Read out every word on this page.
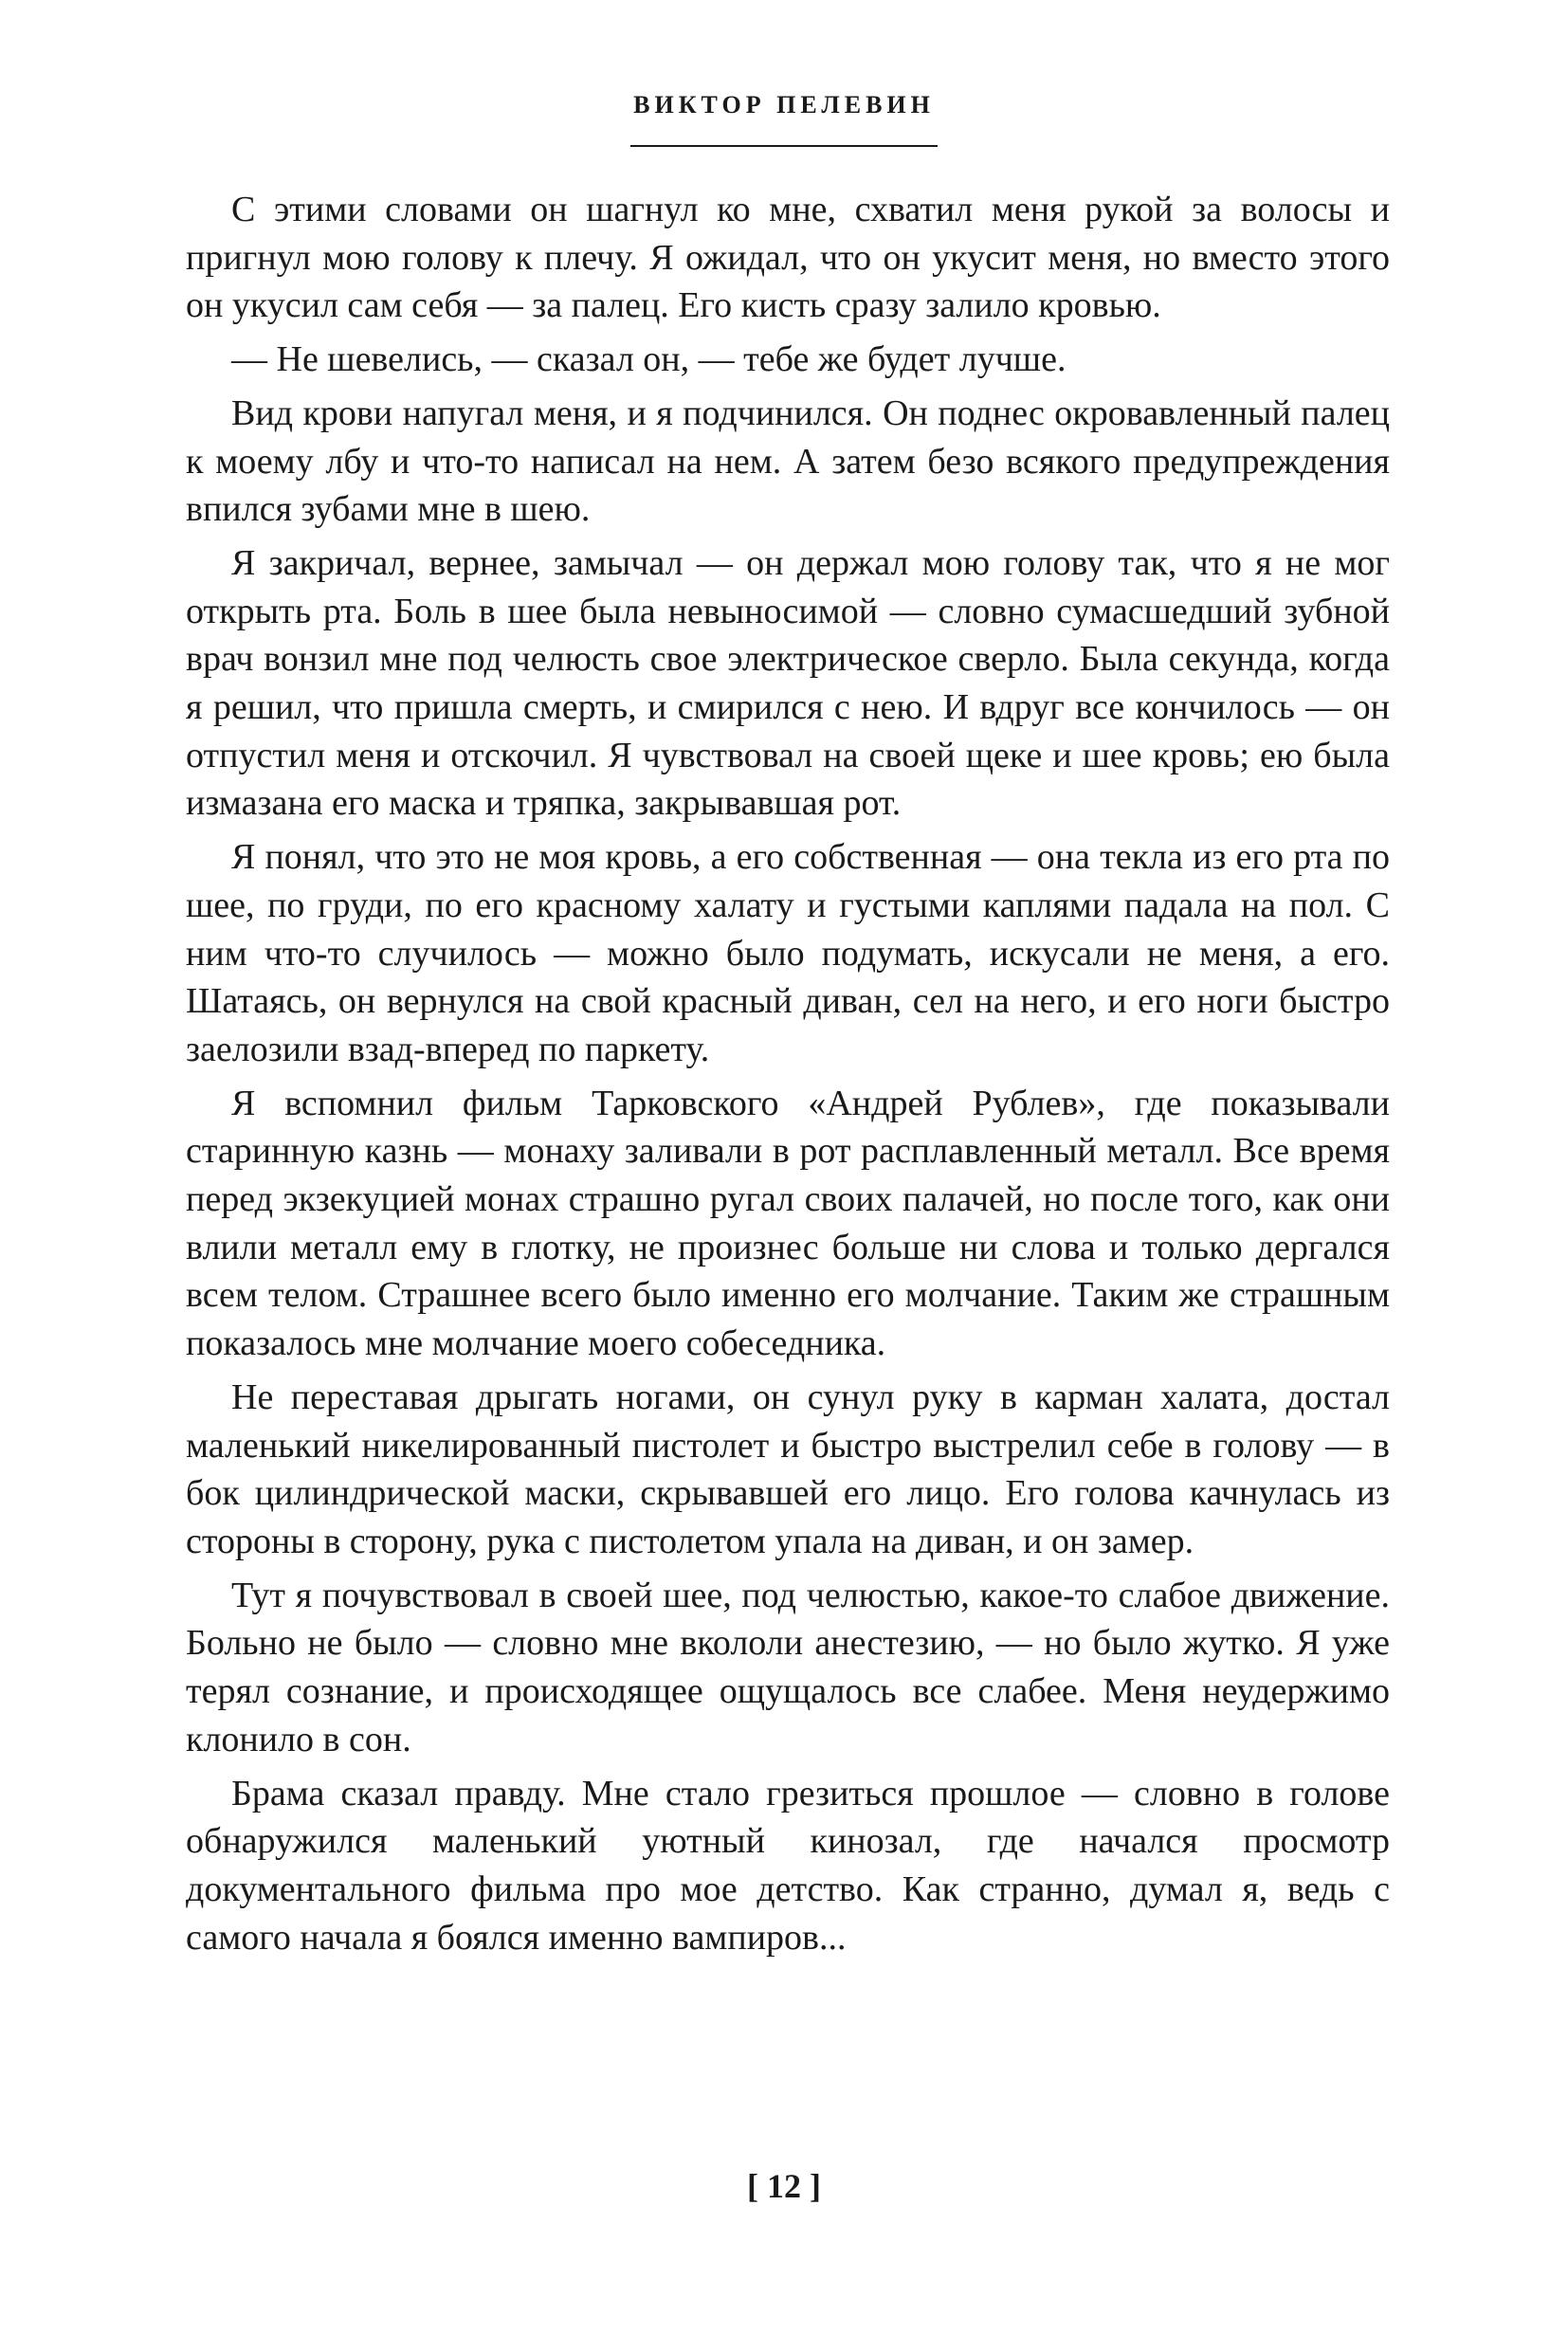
ВИКТОР ПЕЛЕВИН

С этими словами он шагнул ко мне, схватил меня рукой за волосы и пригнул мою голову к плечу. Я ожидал, что он укусит меня, но вместо этого он укусил сам себя — за палец. Его кисть сразу залило кровью.

— Не шевелись, — сказал он, — тебе же будет лучше.

Вид крови напугал меня, и я подчинился. Он поднес окровавленный палец к моему лбу и что-то написал на нем. А затем безо всякого предупреждения впился зубами мне в шею.

Я закричал, вернее, замычал — он держал мою голову так, что я не мог открыть рта. Боль в шее была невыносимой — словно сумасшедший зубной врач вонзил мне под челюсть свое электрическое сверло. Была секунда, когда я решил, что пришла смерть, и смирился с нею. И вдруг все кончилось — он отпустил меня и отскочил. Я чувствовал на своей щеке и шее кровь; ею была измазана его маска и тряпка, закрывавшая рот.

Я понял, что это не моя кровь, а его собственная — она текла из его рта по шее, по груди, по его красному халату и густыми каплями падала на пол. С ним что-то случилось — можно было подумать, искусали не меня, а его. Шатаясь, он вернулся на свой красный диван, сел на него, и его ноги быстро заелозили взад-вперед по паркету.

Я вспомнил фильм Тарковского «Андрей Рублев», где показывали старинную казнь — монаху заливали в рот расплавленный металл. Все время перед экзекуцией монах страшно ругал своих палачей, но после того, как они влили металл ему в глотку, не произнес больше ни слова и только дергался всем телом. Страшнее всего было именно его молчание. Таким же страшным показалось мне молчание моего собеседника.

Не переставая дрыгать ногами, он сунул руку в карман халата, достал маленький никелированный пистолет и быстро выстрелил себе в голову — в бок цилиндрической маски, скрывавшей его лицо. Его голова качнулась из стороны в сторону, рука с пистолетом упала на диван, и он замер.

Тут я почувствовал в своей шее, под челюстью, какое-то слабое движение. Больно не было — словно мне вкололи анестезию, — но было жутко. Я уже терял сознание, и происходящее ощущалось все слабее. Меня неудержимо клонило в сон.

Брама сказал правду. Мне стало грезиться прошлое — словно в голове обнаружился маленький уютный кинозал, где начался просмотр документального фильма про мое детство. Как странно, думал я, ведь с самого начала я боялся именно вампиров...

[ 12 ]
